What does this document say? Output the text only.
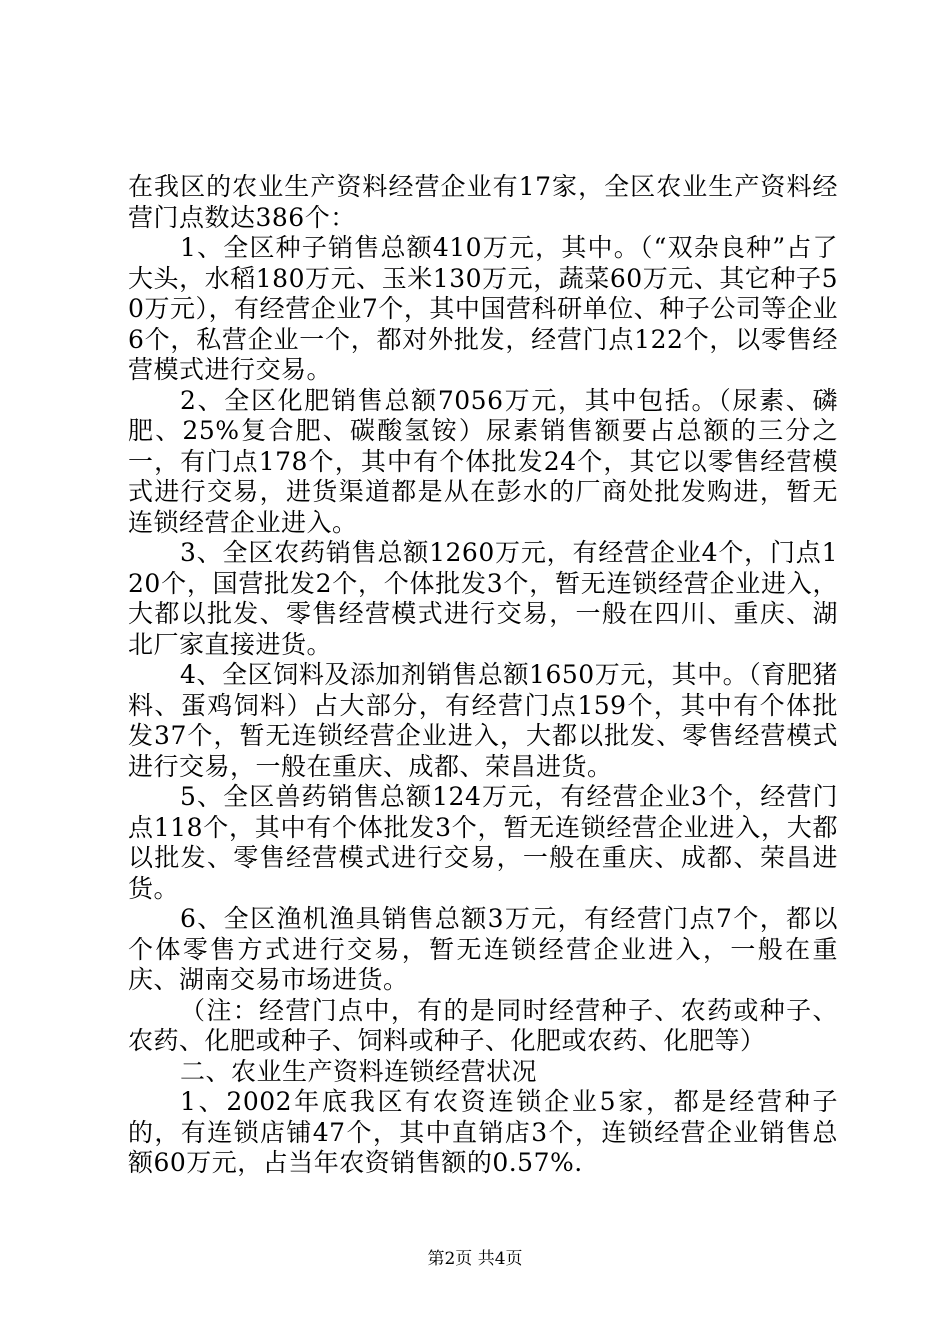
在我区的农业生产资料经营企业有17家，全区农业生产资料经营门点数达386个：

1、全区种子销售总额410万元，其中。（“双杂良种”占了大头，水稻180万元、玉米130万元，蔬菜60万元、其它种子50万元），有经营企业7个，其中国营科研单位、种子公司等企业6个，私营企业一个，都对外批发，经营门点122个，以零售经营模式进行交易。

2、全区化肥销售总额7056万元，其中包括。（尿素、磷肥、25%复合肥、碳酸氢铵）尿素销售额要占总额的三分之一，有门点178个，其中有个体批发24个，其它以零售经营模式进行交易，进货渠道都是从在彭水的厂商处批发购进，暂无连锁经营企业进入。

3、全区农药销售总额1260万元，有经营企业4个，门点120个，国营批发2个，个体批发3个，暂无连锁经营企业进入，大都以批发、零售经营模式进行交易，一般在四川、重庆、湖北厂家直接进货。

4、全区饲料及添加剂销售总额1650万元，其中。（育肥猪料、蛋鸡饲料）占大部分，有经营门点159个，其中有个体批发37个，暂无连锁经营企业进入，大都以批发、零售经营模式进行交易，一般在重庆、成都、荣昌进货。

5、全区兽药销售总额124万元，有经营企业3个，经营门点118个，其中有个体批发3个，暂无连锁经营企业进入，大都以批发、零售经营模式进行交易，一般在重庆、成都、荣昌进货。

6、全区渔机渔具销售总额3万元，有经营门点7个，都以个体零售方式进行交易，暂无连锁经营企业进入，一般在重庆、湖南交易市场进货。

（注：经营门点中，有的是同时经营种子、农药或种子、农药、化肥或种子、饲料或种子、化肥或农药、化肥等）

二、农业生产资料连锁经营状况

1、2002年底我区有农资连锁企业5家，都是经营种子的，有连锁店铺47个，其中直销店3个，连锁经营企业销售总额60万元，占当年农资销售额的0.57%.

第2页 共4页
